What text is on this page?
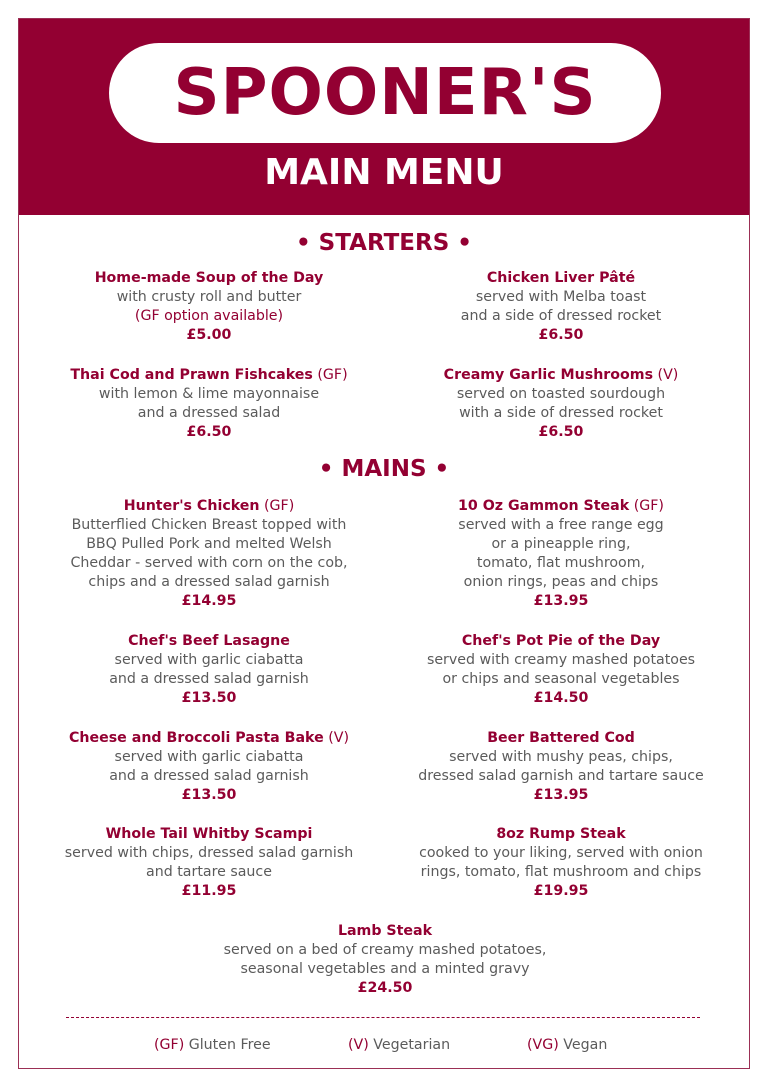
SPOONER'S
MAIN MENU
• STARTERS •
Home-made Soup of the Day
with crusty roll and butter
(GF option available)
£5.00
Chicken Liver Pâté
served with Melba toast
and a side of dressed rocket
£6.50
Thai Cod and Prawn Fishcakes (GF)
with lemon & lime mayonnaise
and a dressed salad
£6.50
Creamy Garlic Mushrooms (V)
served on toasted sourdough
with a side of dressed rocket
£6.50
• MAINS •
Hunter's Chicken (GF)
Butterflied Chicken Breast topped with
BBQ Pulled Pork and melted Welsh
Cheddar - served with corn on the cob,
chips and a dressed salad garnish
£14.95
10 Oz Gammon Steak (GF)
served with a free range egg
or a pineapple ring,
tomato, flat mushroom,
onion rings, peas and chips
£13.95
Chef's Beef Lasagne
served with garlic ciabatta
and a dressed salad garnish
£13.50
Chef's Pot Pie of the Day
served with creamy mashed potatoes
or chips and seasonal vegetables
£14.50
Cheese and Broccoli Pasta Bake (V)
served with garlic ciabatta
and a dressed salad garnish
£13.50
Beer Battered Cod
served with mushy peas, chips,
dressed salad garnish and tartare sauce
£13.95
Whole Tail Whitby Scampi
served with chips, dressed salad garnish
and tartare sauce
£11.95
8oz Rump Steak
cooked to your liking, served with onion
rings, tomato, flat mushroom and chips
£19.95
Lamb Steak
served on a bed of creamy mashed potatoes,
seasonal vegetables and a minted gravy
£24.50
(GF) Gluten Free	(V) Vegetarian	(VG) Vegan
